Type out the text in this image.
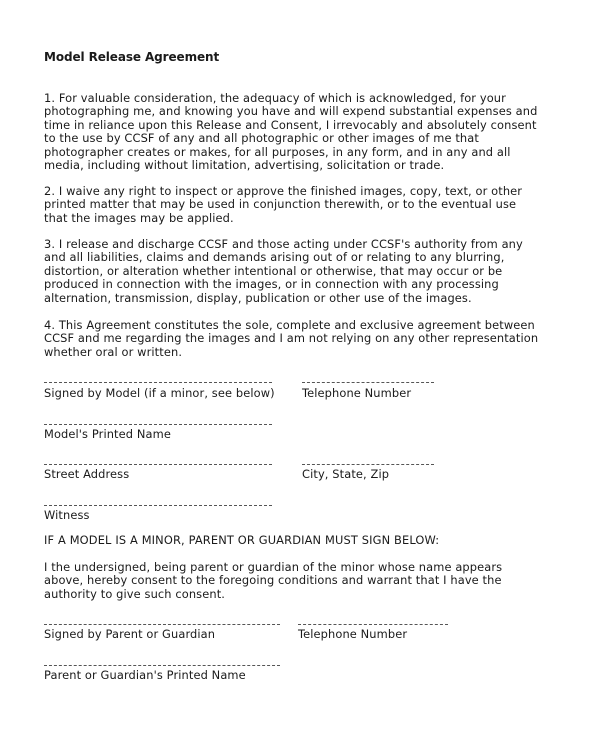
Model Release Agreement
1. For valuable consideration, the adequacy of which is acknowledged, for your
photographing me, and knowing you have and will expend substantial expenses and
time in reliance upon this Release and Consent, I irrevocably and absolutely consent
to the use by CCSF of any and all photographic or other images of me that
photographer creates or makes, for all purposes, in any form, and in any and all
media, including without limitation, advertising, solicitation or trade.
2. I waive any right to inspect or approve the finished images, copy, text, or other
printed matter that may be used in conjunction therewith, or to the eventual use
that the images may be applied.
3. I release and discharge CCSF and those acting under CCSF's authority from any
and all liabilities, claims and demands arising out of or relating to any blurring,
distortion, or alteration whether intentional or otherwise, that may occur or be
produced in connection with the images, or in connection with any processing
alternation, transmission, display, publication or other use of the images.
4. This Agreement constitutes the sole, complete and exclusive agreement between
CCSF and me regarding the images and I am not relying on any other representation
whether oral or written.
Signed by Model (if a minor, see below) Telephone Number
Model's Printed Name
Street Address	City, State, Zip
Witness
IF A MODEL IS A MINOR, PARENT OR GUARDIAN MUST SIGN BELOW:
I the undersigned, being parent or guardian of the minor whose name appears
above, hereby consent to the foregoing conditions and warrant that I have the
authority to give such consent.
Signed by Parent or Guardian	Telephone Number
Parent or Guardian's Printed Name
